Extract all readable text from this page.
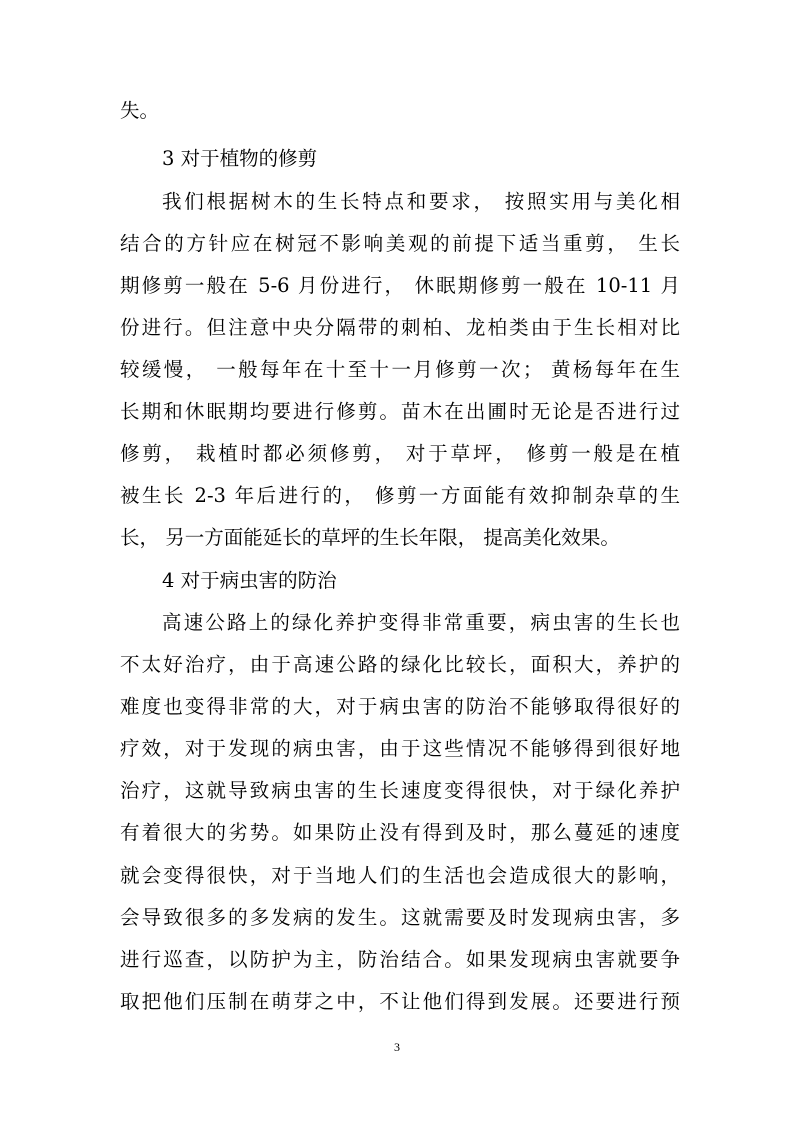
失。
3 对于植物的修剪
我们根据树木的生长特点和要求， 按照实用与美化相
结合的方针应在树冠不影响美观的前提下适当重剪， 生长
期修剪一般在 5-6 月份进行， 休眠期修剪一般在 10-11 月
份进行。但注意中央分隔带的刺柏、龙柏类由于生长相对比
较缓慢， 一般每年在十至十一月修剪一次； 黄杨每年在生
长期和休眠期均要进行修剪。苗木在出圃时无论是否进行过
修剪， 栽植时都必须修剪， 对于草坪， 修剪一般是在植
被生长 2-3 年后进行的， 修剪一方面能有效抑制杂草的生
长， 另一方面能延长的草坪的生长年限， 提高美化效果。
4 对于病虫害的防治
高速公路上的绿化养护变得非常重要，病虫害的生长也
不太好治疗，由于高速公路的绿化比较长，面积大，养护的
难度也变得非常的大，对于病虫害的防治不能够取得很好的
疗效，对于发现的病虫害，由于这些情况不能够得到很好地
治疗，这就导致病虫害的生长速度变得很快，对于绿化养护
有着很大的劣势。如果防止没有得到及时，那么蔓延的速度
就会变得很快，对于当地人们的生活也会造成很大的影响，
会导致很多的多发病的发生。这就需要及时发现病虫害，多
进行巡查，以防护为主，防治结合。如果发现病虫害就要争
取把他们压制在萌芽之中，不让他们得到发展。还要进行预
3
